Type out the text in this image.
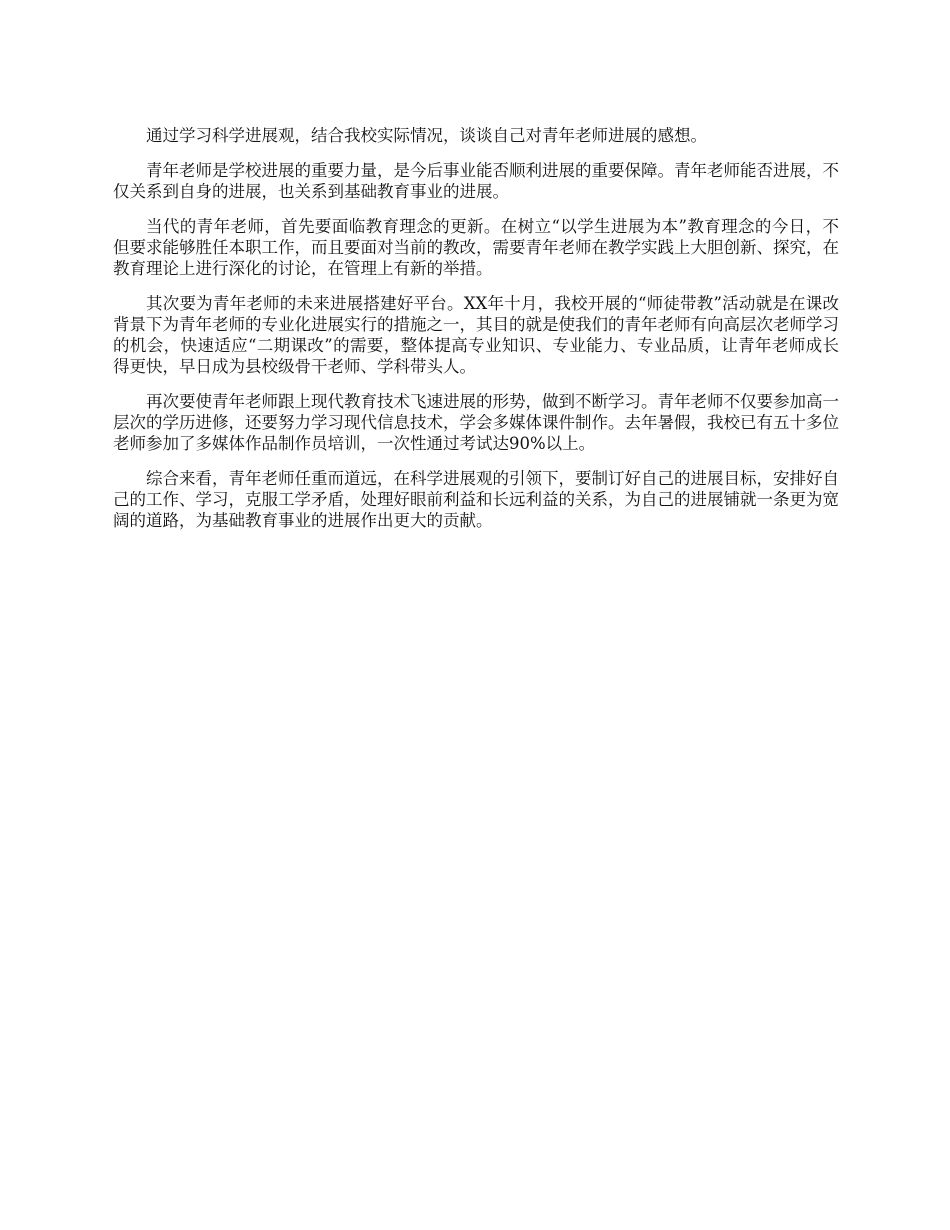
通过学习科学进展观，结合我校实际情况，谈谈自己对青年老师进展的感想。

青年老师是学校进展的重要力量，是今后事业能否顺利进展的重要保障。青年老师能否进展，不仅关系到自身的进展，也关系到基础教育事业的进展。

当代的青年老师，首先要面临教育理念的更新。在树立“以学生进展为本”教育理念的今日，不但要求能够胜任本职工作，而且要面对当前的教改，需要青年老师在教学实践上大胆创新、探究，在教育理论上进行深化的讨论，在管理上有新的举措。

其次要为青年老师的未来进展搭建好平台。XX年十月，我校开展的“师徒带教”活动就是在课改背景下为青年老师的专业化进展实行的措施之一，其目的就是使我们的青年老师有向高层次老师学习的机会，快速适应“二期课改”的需要，整体提高专业知识、专业能力、专业品质，让青年老师成长得更快，早日成为县校级骨干老师、学科带头人。

再次要使青年老师跟上现代教育技术飞速进展的形势，做到不断学习。青年老师不仅要参加高一层次的学历进修，还要努力学习现代信息技术，学会多媒体课件制作。去年暑假，我校已有五十多位老师参加了多媒体作品制作员培训，一次性通过考试达90%以上。

综合来看，青年老师任重而道远，在科学进展观的引领下，要制订好自己的进展目标，安排好自己的工作、学习，克服工学矛盾，处理好眼前利益和长远利益的关系，为自己的进展铺就一条更为宽阔的道路，为基础教育事业的进展作出更大的贡献。
